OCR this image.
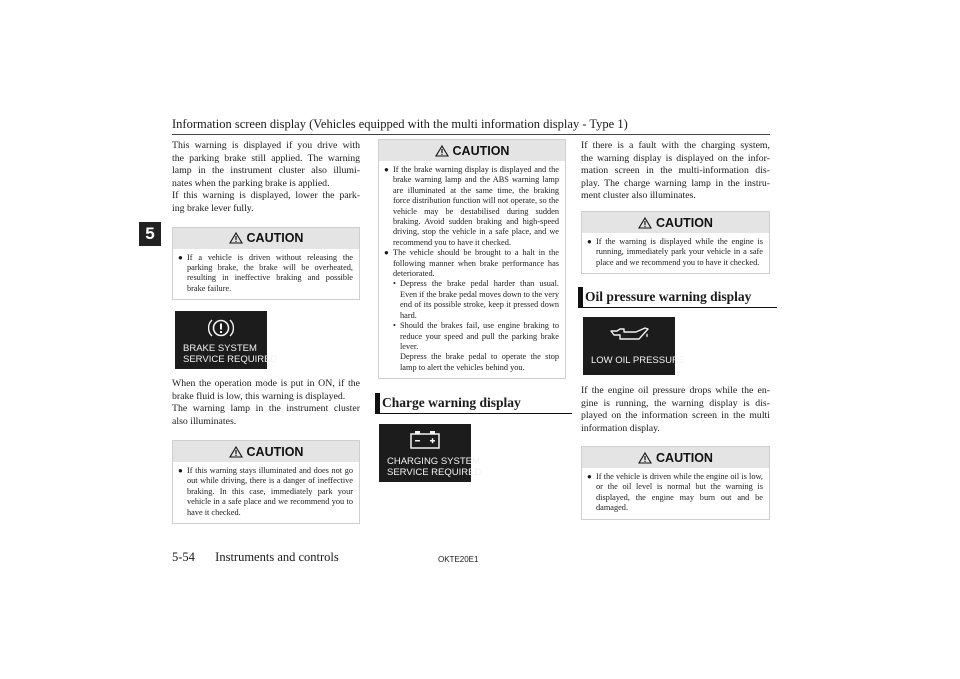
Information screen display (Vehicles equipped with the multi information display - Type 1)
5

This warning is displayed if you drive with

the parking brake still applied. The warning

lamp in the instrument cluster also illumi-

nates when the parking brake is applied.

If this warning is displayed, lower the park-

ing brake lever fully.

CAUTION
● If a vehicle is driven without releasing the parking brake, the brake will be overheated, resulting in ineffective braking and possible brake failure.
BRAKE SYSTEM
SERVICE REQUIRED

When the operation mode is put in ON, if the

brake fluid is low, this warning is displayed.

The warning lamp in the instrument cluster

also illuminates.

CAUTION
● If this warning stays illuminated and does not go out while driving, there is a danger of ineffective braking. In this case, immediately park your vehicle in a safe place and we recommend you to have it checked.
CAUTION
● If the brake warning display is displayed and the brake warning lamp and the ABS warning lamp are illuminated at the same time, the braking force distribution function will not operate, so the vehicle may be destabilised during sudden braking. Avoid sudden braking and high-speed driving, stop the vehicle in a safe place, and we recommend you to have it checked.
● The vehicle should be brought to a halt in the following manner when brake performance has deteriorated.
• Depress the brake pedal harder than usual. Even if the brake pedal moves down to the very end of its possible stroke, keep it pressed down hard.
• Should the brakes fail, use engine braking to reduce your speed and pull the parking brake lever.
Depress the brake pedal to operate the stop lamp to alert the vehicles behind you.
Charge warning display
CHARGING SYSTEM
SERVICE REQUIRED

If there is a fault with the charging system,

the warning display is displayed on the infor-

mation screen in the multi-information dis-

play. The charge warning lamp in the instru-

ment cluster also illuminates.

CAUTION
● If the warning is displayed while the engine is running, immediately park your vehicle in a safe place and we recommend you to have it checked.
Oil pressure warning display
LOW OIL PRESSURE

If the engine oil pressure drops while the en-

gine is running, the warning display is dis-

played on the information screen in the multi

information display.

CAUTION
● If the vehicle is driven while the engine oil is low, or the oil level is normal but the warning is displayed, the engine may burn out and be damaged.
5-54 Instruments and controls	OKTE20E1
